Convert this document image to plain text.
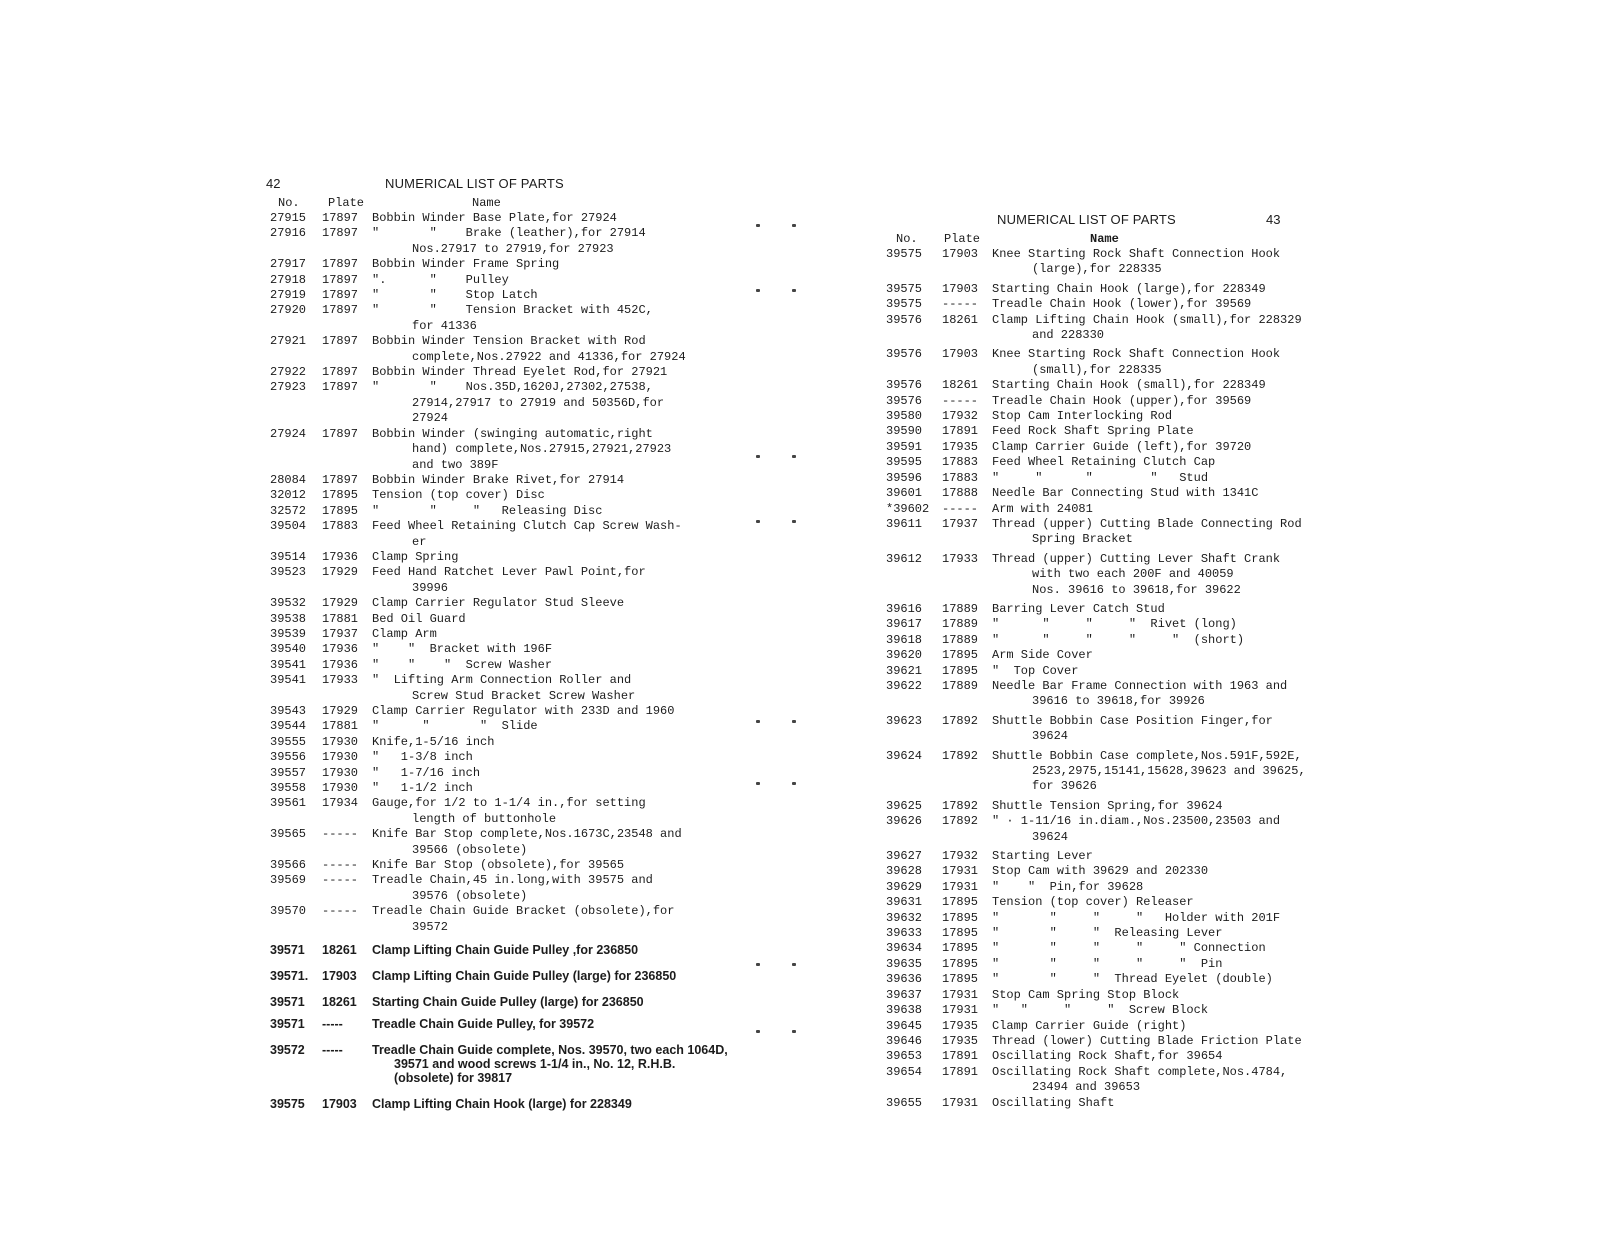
42	NUMERICAL LIST OF PARTS
No. Plate	Name
27915	17897	Bobbin Winder Base Plate,for 27924
27916	17897	"       "    Brake (leather),for 27914
Nos.27917 to 27919,for 27923
27917	17897	Bobbin Winder Frame Spring
27918	17897	".      "    Pulley
27919	17897	"       "    Stop Latch
27920	17897	"       "    Tension Bracket with 452C,
for 41336
27921	17897	Bobbin Winder Tension Bracket with Rod
complete,Nos.27922 and 41336,for 27924
27922	17897	Bobbin Winder Thread Eyelet Rod,for 27921
27923	17897	"       "    Nos.35D,1620J,27302,27538,
27914,27917 to 27919 and 50356D,for
27924
27924	17897	Bobbin Winder (swinging automatic,right
hand) complete,Nos.27915,27921,27923
and two 389F
28084	17897	Bobbin Winder Brake Rivet,for 27914
32012	17895	Tension (top cover) Disc
32572	17895	"       "     "   Releasing Disc
39504	17883	Feed Wheel Retaining Clutch Cap Screw Wash-
er
39514	17936	Clamp Spring
39523	17929	Feed Hand Ratchet Lever Pawl Point,for
39996
39532	17929	Clamp Carrier Regulator Stud Sleeve
39538	17881	Bed Oil Guard
39539	17937	Clamp Arm
39540	17936	"    "  Bracket with 196F
39541	17936	"    "    "  Screw Washer
39541	17933	"  Lifting Arm Connection Roller and
Screw Stud Bracket Screw Washer
39543	17929	Clamp Carrier Regulator with 233D and 1960
39544	17881	"      "       "  Slide
39555	17930	Knife,1-5/16 inch
39556	17930	"   1-3/8 inch
39557	17930	"   1-7/16 inch
39558	17930	"   1-1/2 inch
39561	17934	Gauge,for 1/2 to 1-1/4 in.,for setting
length of buttonhole
39565	-----	Knife Bar Stop complete,Nos.1673C,23548 and
39566 (obsolete)
39566	-----	Knife Bar Stop (obsolete),for 39565
39569	-----	Treadle Chain,45 in.long,with 39575 and
39576 (obsolete)
39570	-----	Treadle Chain Guide Bracket (obsolete),for
39572
39571	18261	Clamp Lifting Chain Guide Pulley ,for 236850
39571.	17903	Clamp Lifting Chain Guide Pulley (large) for 236850
39571	18261	Starting Chain Guide Pulley (large) for 236850
39571	-----	Treadle Chain Guide Pulley, for 39572
39572	-----	Treadle Chain Guide complete, Nos. 39570, two each 1064D, 39571 and wood screws 1-1/4 in., No. 12, R.H.B.(obsolete) for 39817
39575	17903	Clamp Lifting Chain Hook (large) for 228349
NUMERICAL LIST OF PARTS	43
No. Plate	Name
39575	17903	Knee Starting Rock Shaft Connection Hook
(large),for 228335
39575	17903	Starting Chain Hook (large),for 228349
39575	-----	Treadle Chain Hook (lower),for 39569
39576	18261	Clamp Lifting Chain Hook (small),for 228329
and 228330
39576	17903	Knee Starting Rock Shaft Connection Hook
(small),for 228335
39576	18261	Starting Chain Hook (small),for 228349
39576	-----	Treadle Chain Hook (upper),for 39569
39580	17932	Stop Cam Interlocking Rod
39590	17891	Feed Rock Shaft Spring Plate
39591	17935	Clamp Carrier Guide (left),for 39720
39595	17883	Feed Wheel Retaining Clutch Cap
39596	17883	"     "      "        "   Stud
39601	17888	Needle Bar Connecting Stud with 1341C
*39602	-----	Arm with 24081
39611	17937	Thread (upper) Cutting Blade Connecting Rod
Spring Bracket
39612	17933	Thread (upper) Cutting Lever Shaft Crank
with two each 200F and 40059
Nos. 39616 to 39618,for 39622
39616	17889	Barring Lever Catch Stud
39617	17889	"      "     "     "  Rivet (long)
39618	17889	"      "     "     "     "  (short)
39620	17895	Arm Side Cover
39621	17895	"  Top Cover
39622	17889	Needle Bar Frame Connection with 1963 and
39616 to 39618,for 39926
39623	17892	Shuttle Bobbin Case Position Finger,for
39624
39624	17892	Shuttle Bobbin Case complete,Nos.591F,592E,
2523,2975,15141,15628,39623 and 39625,
for 39626
39625	17892	Shuttle Tension Spring,for 39624
39626	17892	" · 1-11/16 in.diam.,Nos.23500,23503 and
39624
39627	17932	Starting Lever
39628	17931	Stop Cam with 39629 and 202330
39629	17931	"    "  Pin,for 39628
39631	17895	Tension (top cover) Releaser
39632	17895	"       "     "     "   Holder with 201F
39633	17895	"       "     "  Releasing Lever
39634	17895	"       "     "     "     " Connection
39635	17895	"       "     "     "     "  Pin
39636	17895	"       "     "  Thread Eyelet (double)
39637	17931	Stop Cam Spring Stop Block
39638	17931	"   "     "     "  Screw Block
39645	17935	Clamp Carrier Guide (right)
39646	17935	Thread (lower) Cutting Blade Friction Plate
39653	17891	Oscillating Rock Shaft,for 39654
39654	17891	Oscillating Rock Shaft complete,Nos.4784,
23494 and 39653
39655	17931	Oscillating Shaft
